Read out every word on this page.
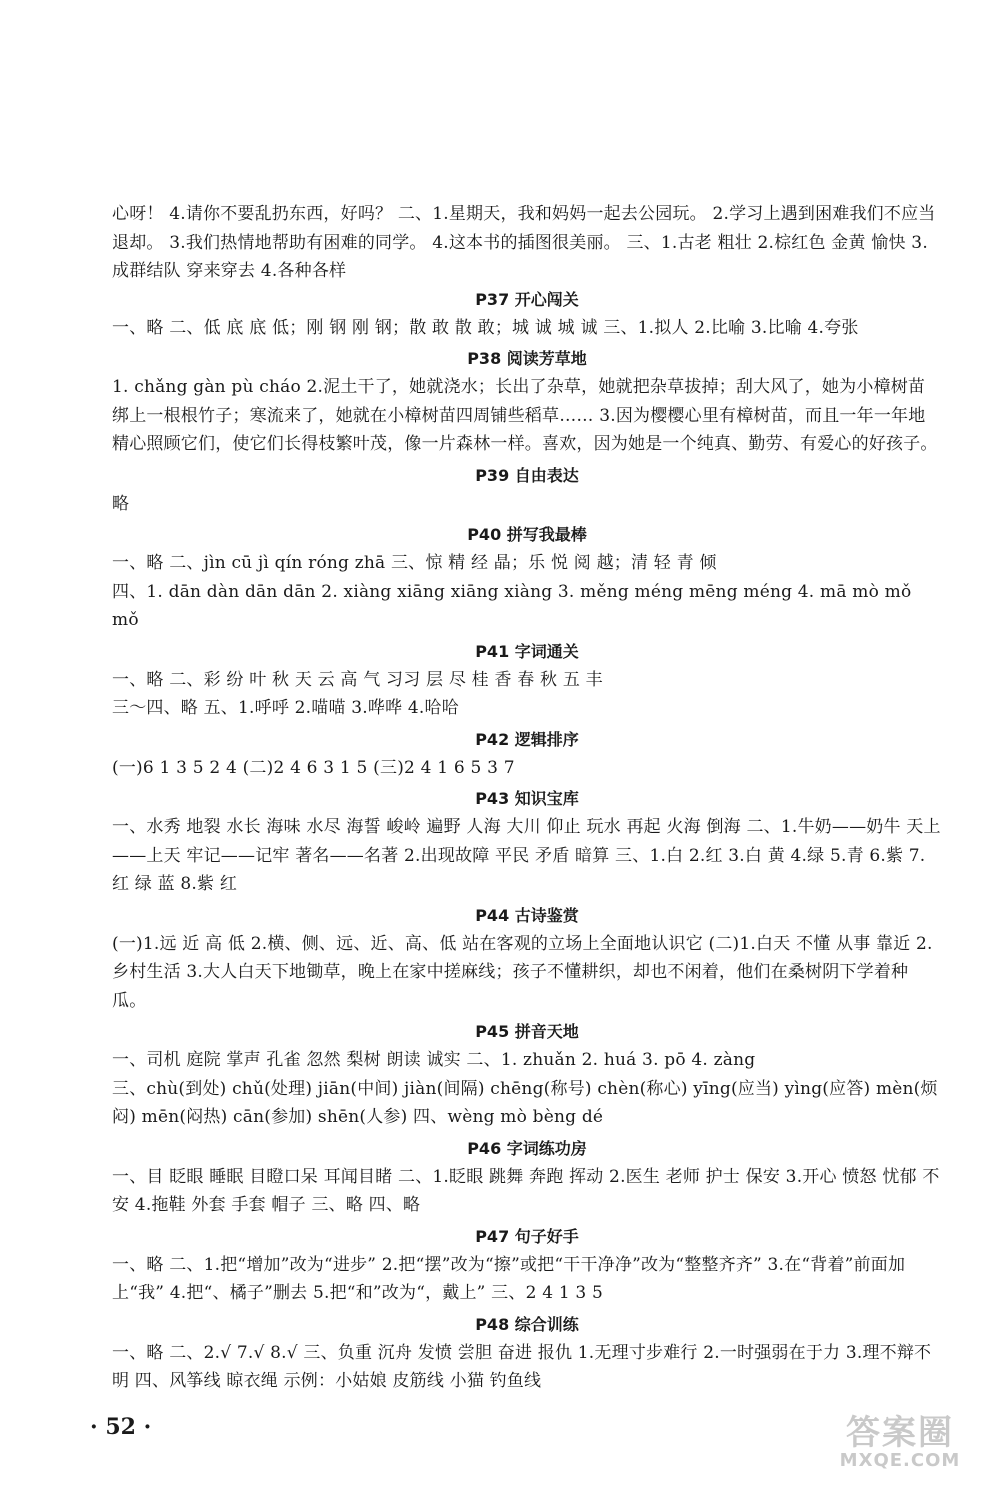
心呀！ 4.请你不要乱扔东西，好吗？ 二、1.星期天，我和妈妈一起去公园玩。 2.学习上遇到困难我们不应当退却。 3.我们热情地帮助有困难的同学。 4.这本书的插图很美丽。 三、1.古老 粗壮 2.棕红色 金黄 愉快 3.成群结队 穿来穿去 4.各种各样

P37 开心闯关

一、略 二、低 底 底 低；刚 钢 刚 钢；散 敢 散 敢；城 诚 城 诚 三、1.拟人 2.比喻 3.比喻 4.夸张

P38 阅读芳草地

1. chǎng gàn pù cháo 2.泥土干了，她就浇水；长出了杂草，她就把杂草拔掉；刮大风了，她为小樟树苗绑上一根根竹子；寒流来了，她就在小樟树苗四周铺些稻草…… 3.因为樱樱心里有樟树苗，而且一年一年地精心照顾它们，使它们长得枝繁叶茂，像一片森林一样。喜欢，因为她是一个纯真、勤劳、有爱心的好孩子。

P39 自由表达

略

P40 拼写我最棒

一、略 二、jìn cū jì qín róng zhā 三、惊 精 经 晶；乐 悦 阅 越；清 轻 青 倾

四、1. dān dàn dān dān 2. xiàng xiāng xiāng xiàng 3. měng méng mēng méng 4. mā mò mǒ mǒ

P41 字词通关

一、略 二、彩 纷 叶 秋 天 云 高 气 习习 层 尽 桂 香 春 秋 五 丰

三～四、略 五、1.呼呼 2.喵喵 3.哗哗 4.哈哈

P42 逻辑排序

(一)6 1 3 5 2 4 (二)2 4 6 3 1 5 (三)2 4 1 6 5 3 7

P43 知识宝库

一、水秀 地裂 水长 海味 水尽 海誓 峻岭 遍野 人海 大川 仰止 玩水 再起 火海 倒海 二、1.牛奶——奶牛 天上——上天 牢记——记牢 著名——名著 2.出现故障 平民 矛盾 暗算 三、1.白 2.红 3.白 黄 4.绿 5.青 6.紫 7.红 绿 蓝 8.紫 红

P44 古诗鉴赏

(一)1.远 近 高 低 2.横、侧、远、近、高、低 站在客观的立场上全面地认识它 (二)1.白天 不懂 从事 靠近 2.乡村生活 3.大人白天下地锄草，晚上在家中搓麻线；孩子不懂耕织，却也不闲着，他们在桑树阴下学着种瓜。

P45 拼音天地

一、司机 庭院 掌声 孔雀 忽然 梨树 朗读 诚实 二、1. zhuǎn 2. huá 3. pō 4. zàng

三、chù(到处) chǔ(处理) jiān(中间) jiàn(间隔) chēng(称号) chèn(称心) yīng(应当) yìng(应答) mèn(烦闷) mēn(闷热) cān(参加) shēn(人参) 四、wèng mò bèng dé

P46 字词练功房

一、目 眨眼 睡眠 目瞪口呆 耳闻目睹 二、1.眨眼 跳舞 奔跑 挥动 2.医生 老师 护士 保安 3.开心 愤怒 忧郁 不安 4.拖鞋 外套 手套 帽子 三、略 四、略

P47 句子好手

一、略 二、1.把“增加”改为“进步” 2.把“摆”改为“擦”或把“干干净净”改为“整整齐齐” 3.在“背着”前面加上“我” 4.把“、橘子”删去 5.把“和”改为“，戴上” 三、2 4 1 3 5

P48 综合训练

一、略 二、2.√ 7.√ 8.√ 三、负重 沉舟 发愤 尝胆 奋进 报仇 1.无理寸步难行 2.一时强弱在于力 3.理不辩不明 四、风筝线 晾衣绳 示例：小姑娘 皮筋线 小猫 钓鱼线

· 52 ·	答案圈
MXQE.COM
